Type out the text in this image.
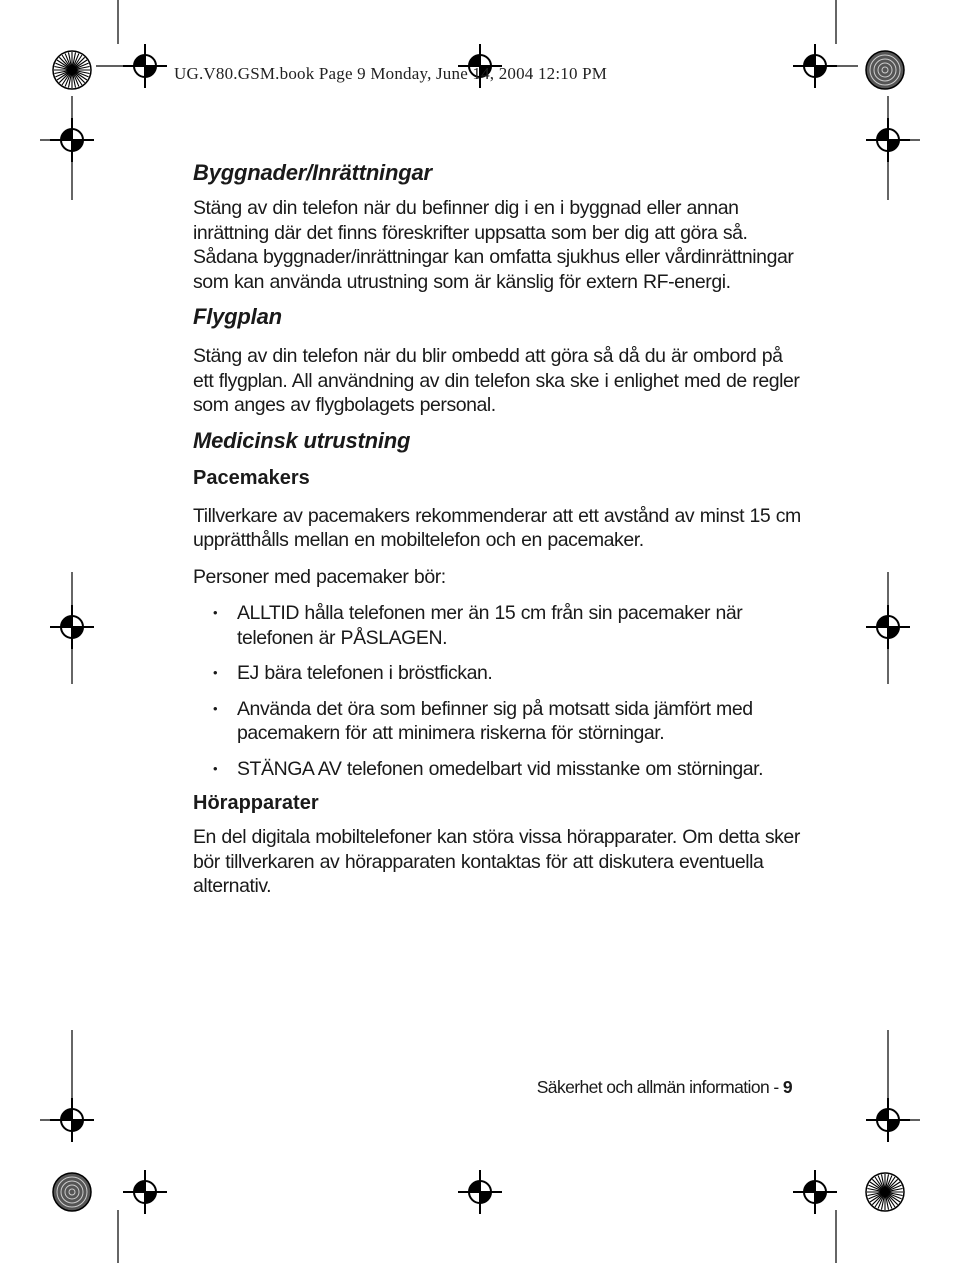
UG.V80.GSM.book Page 9 Monday, June 14, 2004 12:10 PM
Byggnader/Inrättningar

Stäng av din telefon när du befinner dig i en i byggnad eller annan inrättning där det finns föreskrifter uppsatta som ber dig att göra så. Sådana byggnader/inrättningar kan omfatta sjukhus eller vårdinrättningar som kan använda utrustning som är känslig för extern RF-energi.

Flygplan

Stäng av din telefon när du blir ombedd att göra så då du är ombord på ett flygplan. All användning av din telefon ska ske i enlighet med de regler som anges av flygbolagets personal.

Medicinsk utrustning
Pacemakers

Tillverkare av pacemakers rekommenderar att ett avstånd av minst 15 cm upprätthålls mellan en mobiltelefon och en pacemaker.

Personer med pacemaker bör:

• ALLTID hålla telefonen mer än 15 cm från sin pacemaker när telefonen är PÅSLAGEN.
• EJ bära telefonen i bröstfickan.
• Använda det öra som befinner sig på motsatt sida jämfört med pacemakern för att minimera riskerna för störningar.
• STÄNGA AV telefonen omedelbart vid misstanke om störningar.
Hörapparater

En del digitala mobiltelefoner kan störa vissa hörapparater. Om detta sker bör tillverkaren av hörapparaten kontaktas för att diskutera eventuella alternativ.

Säkerhet och allmän information - 9
